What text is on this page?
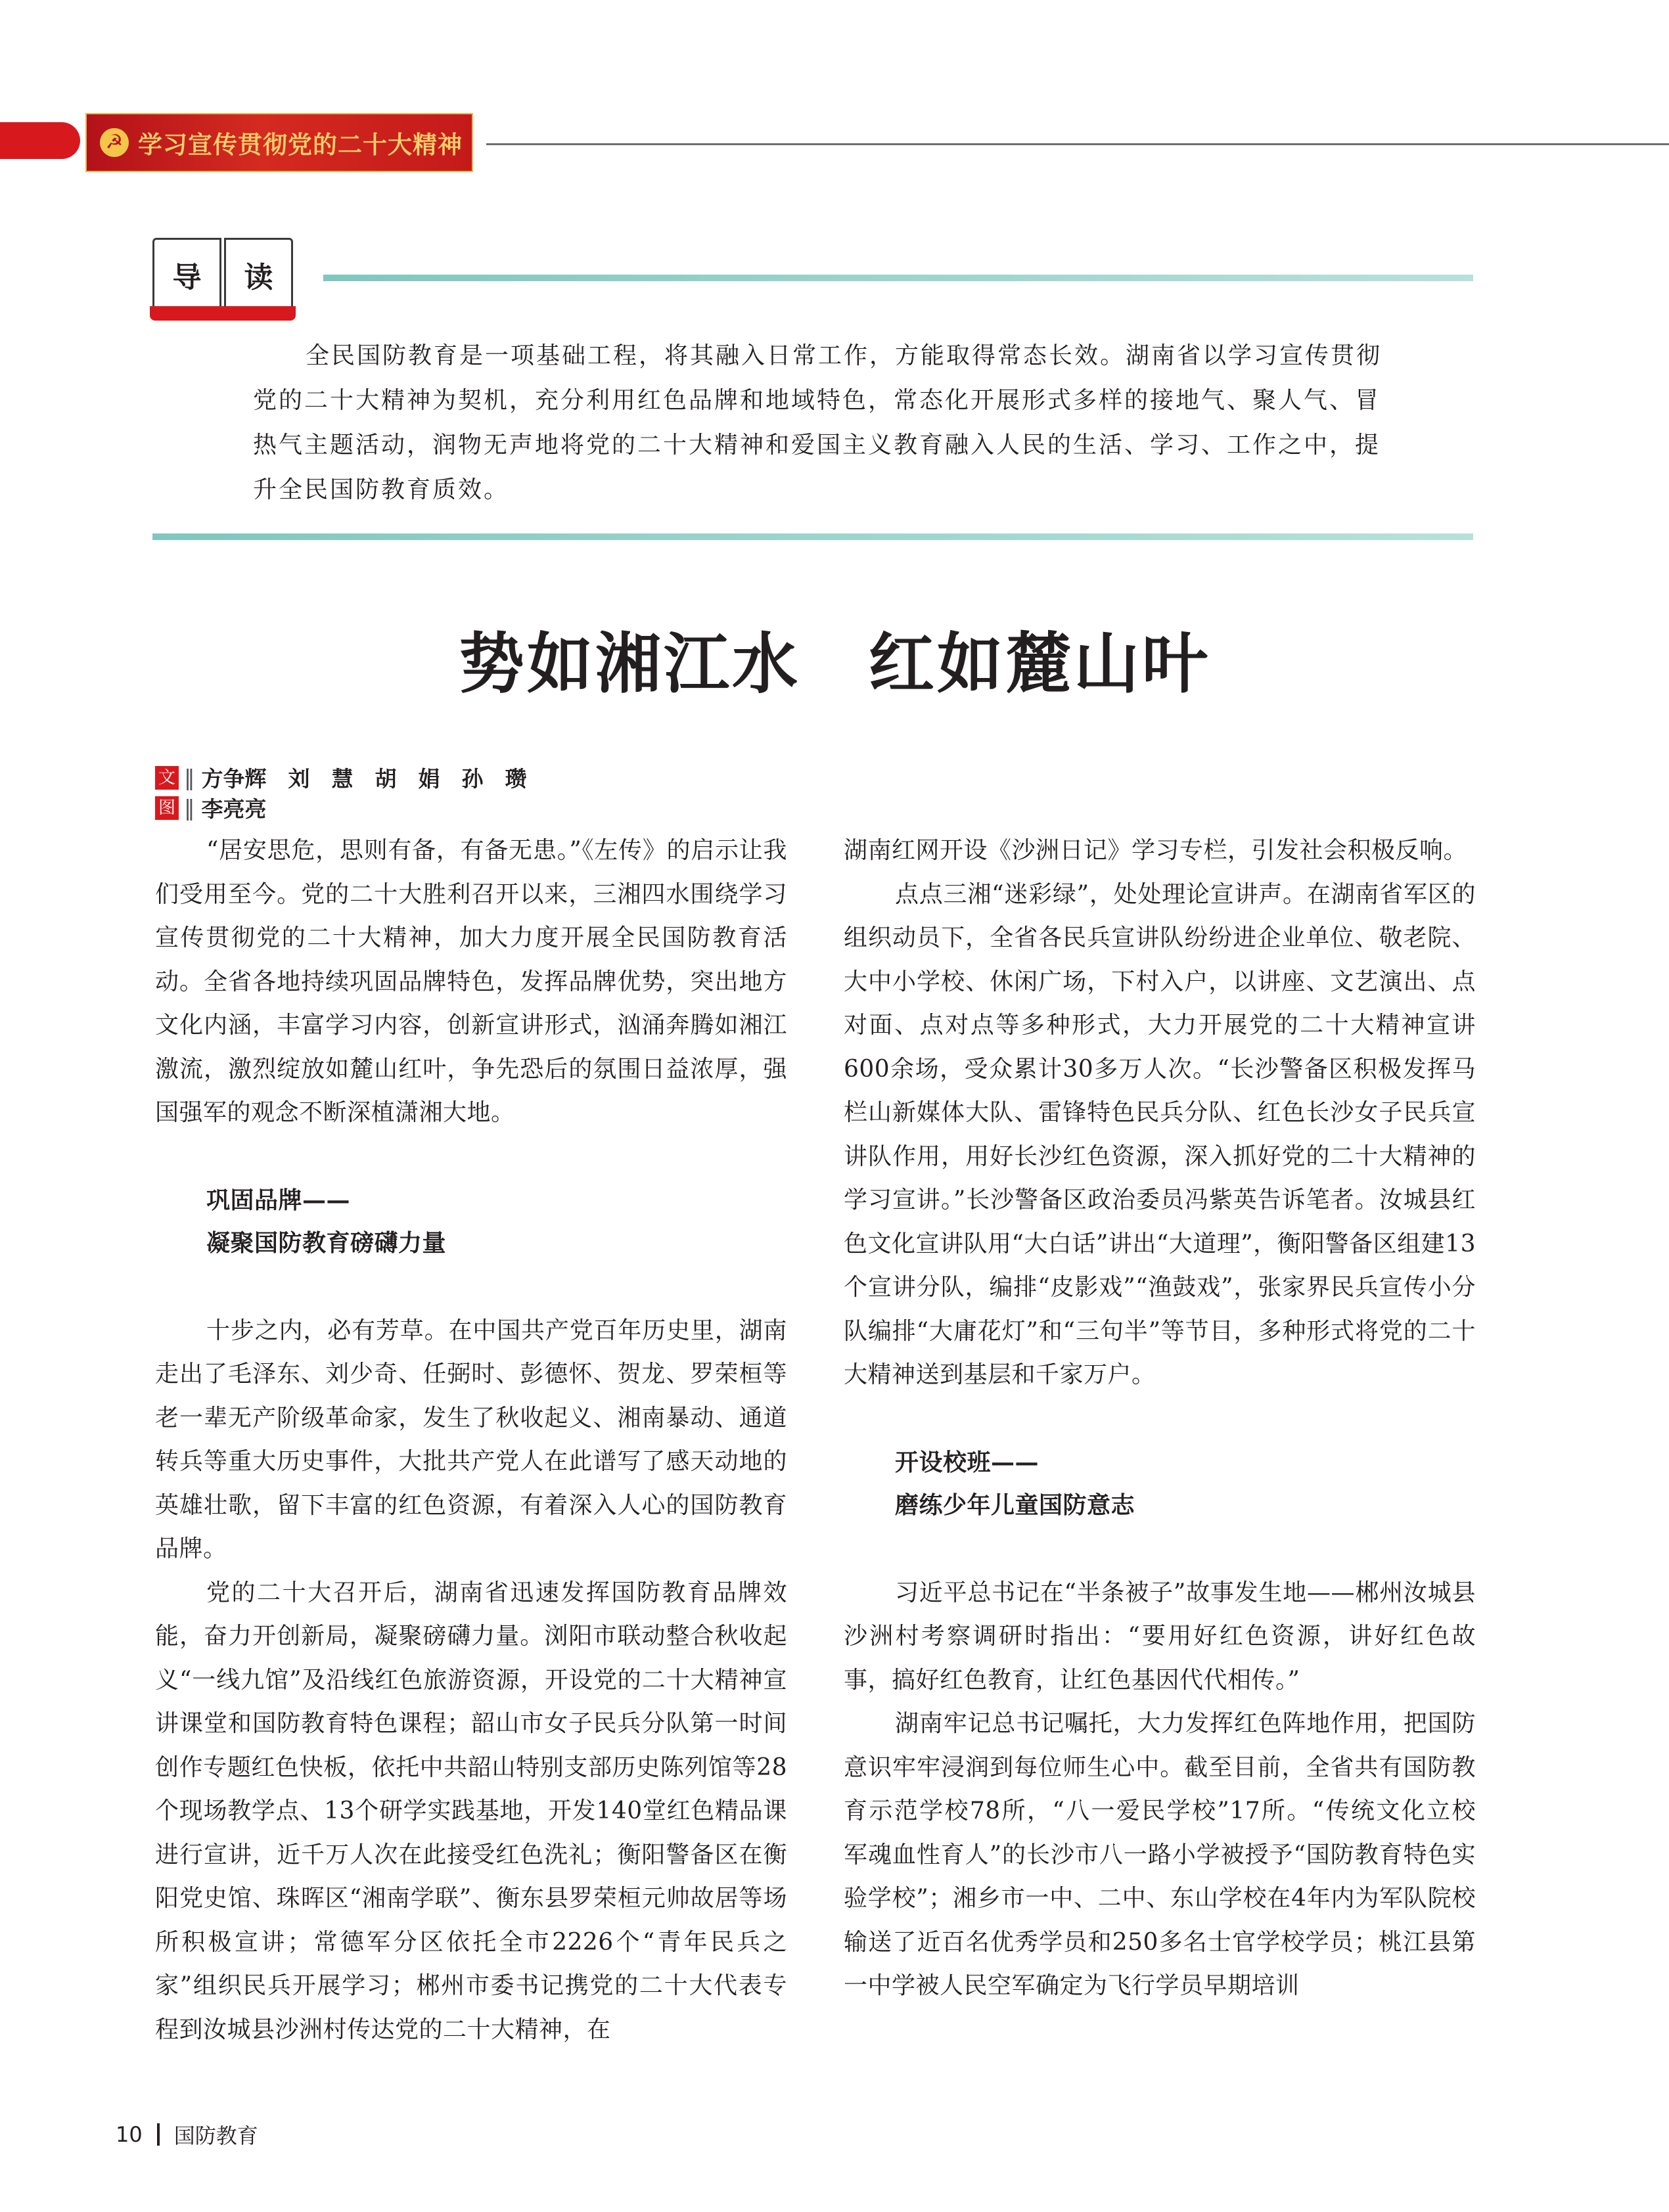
☭ 学习宣传贯彻党的二十大精神
导	读

全民国防教育是一项基础工程，将其融入日常工作，方能取得常态长效。湖南省以学习宣传贯彻党的二十大精神为契机，充分利用红色品牌和地域特色，常态化开展形式多样的接地气、聚人气、冒热气主题活动，润物无声地将党的二十大精神和爱国主义教育融入人民的生活、学习、工作之中，提升全民国防教育质效。

势如湘江水　红如麓山叶
文 ‖ 方争辉　刘　慧　胡　娟　孙　瓒
图 ‖ 李亮亮

“居安思危，思则有备，有备无患。”《左传》的启示让我们受用至今。党的二十大胜利召开以来，三湘四水围绕学习宣传贯彻党的二十大精神，加大力度开展全民国防教育活动。全省各地持续巩固品牌特色，发挥品牌优势，突出地方文化内涵，丰富学习内容，创新宣讲形式，汹涌奔腾如湘江激流，激烈绽放如麓山红叶，争先恐后的氛围日益浓厚，强国强军的观念不断深植潇湘大地。

巩固品牌——

凝聚国防教育磅礴力量

十步之内，必有芳草。在中国共产党百年历史里，湖南走出了毛泽东、刘少奇、任弼时、彭德怀、贺龙、罗荣桓等老一辈无产阶级革命家，发生了秋收起义、湘南暴动、通道转兵等重大历史事件，大批共产党人在此谱写了感天动地的英雄壮歌，留下丰富的红色资源，有着深入人心的国防教育品牌。

党的二十大召开后，湖南省迅速发挥国防教育品牌效能，奋力开创新局，凝聚磅礴力量。浏阳市联动整合秋收起义“一线九馆”及沿线红色旅游资源，开设党的二十大精神宣讲课堂和国防教育特色课程；韶山市女子民兵分队第一时间创作专题红色快板，依托中共韶山特别支部历史陈列馆等28个现场教学点、13个研学实践基地，开发140堂红色精品课进行宣讲，近千万人次在此接受红色洗礼；衡阳警备区在衡阳党史馆、珠晖区“湘南学联”、衡东县罗荣桓元帅故居等场所积极宣讲；常德军分区依托全市2226个“青年民兵之家”组织民兵开展学习；郴州市委书记携党的二十大代表专程到汝城县沙洲村传达党的二十大精神，在

湖南红网开设《沙洲日记》学习专栏，引发社会积极反响。

点点三湘“迷彩绿”，处处理论宣讲声。在湖南省军区的组织动员下，全省各民兵宣讲队纷纷进企业单位、敬老院、大中小学校、休闲广场，下村入户，以讲座、文艺演出、点对面、点对点等多种形式，大力开展党的二十大精神宣讲600余场，受众累计30多万人次。“长沙警备区积极发挥马栏山新媒体大队、雷锋特色民兵分队、红色长沙女子民兵宣讲队作用，用好长沙红色资源，深入抓好党的二十大精神的学习宣讲。”长沙警备区政治委员冯紫英告诉笔者。汝城县红色文化宣讲队用“大白话”讲出“大道理”，衡阳警备区组建13个宣讲分队，编排“皮影戏”“渔鼓戏”，张家界民兵宣传小分队编排“大庸花灯”和“三句半”等节目，多种形式将党的二十大精神送到基层和千家万户。

开设校班——

磨练少年儿童国防意志

习近平总书记在“半条被子”故事发生地——郴州汝城县沙洲村考察调研时指出：“要用好红色资源，讲好红色故事，搞好红色教育，让红色基因代代相传。”

湖南牢记总书记嘱托，大力发挥红色阵地作用，把国防意识牢牢浸润到每位师生心中。截至目前，全省共有国防教育示范学校78所，“八一爱民学校”17所。“传统文化立校 军魂血性育人”的长沙市八一路小学被授予“国防教育特色实验学校”；湘乡市一中、二中、东山学校在4年内为军队院校输送了近百名优秀学员和250多名士官学校学员；桃江县第一中学被人民空军确定为飞行学员早期培训

10 国防教育
